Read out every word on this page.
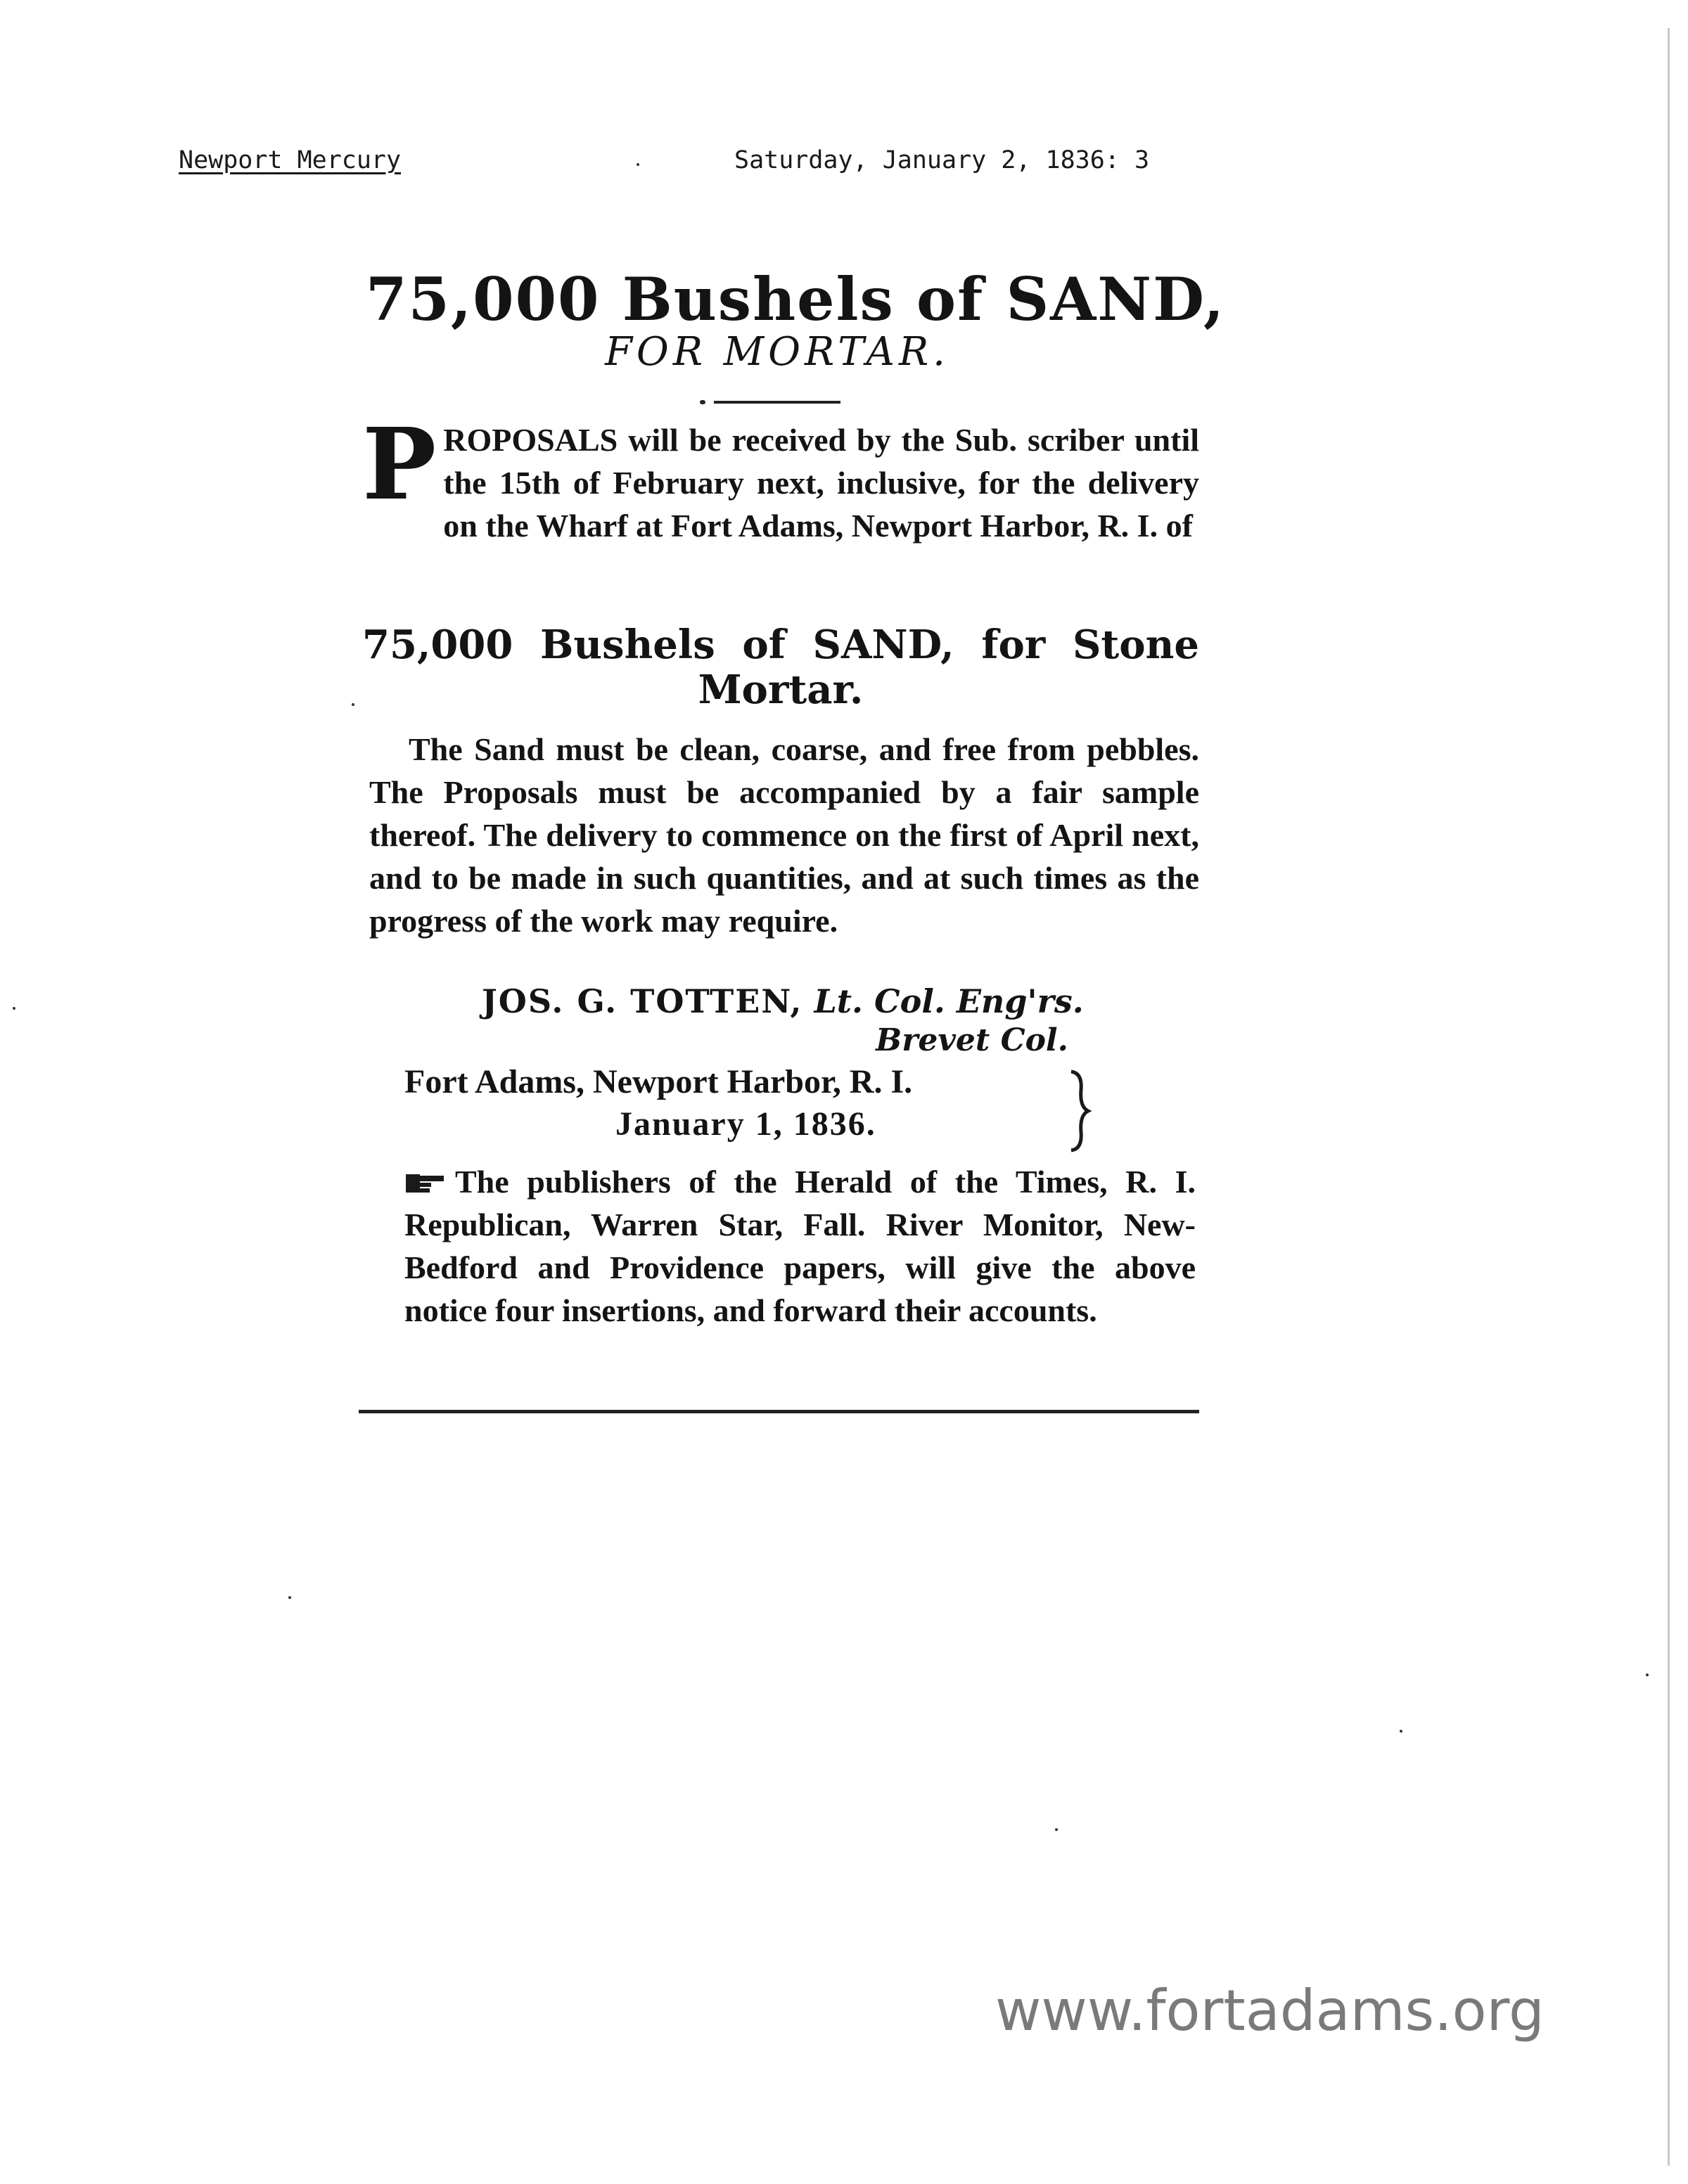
Newport Mercury	Saturday, January 2, 1836: 3
75,000 Bushels of SAND,
FOR MORTAR.
P ROPOSALS will be received by the Sub. scriber until the 15th of February next, inclusive, for the delivery on the Wharf at Fort Adams, Newport Harbor, R. I. of
75,000 Bushels of SAND, for Stone Mortar.
The Sand must be clean, coarse, and free from pebbles. The Proposals must be accompanied by a fair sample thereof. The delivery to commence on the first of April next, and to be made in such quantities, and at such times as the progress of the work may require.
JOS. G. TOTTEN, Lt. Col. Eng'rs.
Brevet Col.
Fort Adams, Newport Harbor, R. I.
January 1, 1836.
The publishers of the Herald of the Times, R. I. Republican, Warren Star, Fall. River Monitor, New-Bedford and Providence papers, will give the above notice four insertions, and forward their accounts.
www.fortadams.org
